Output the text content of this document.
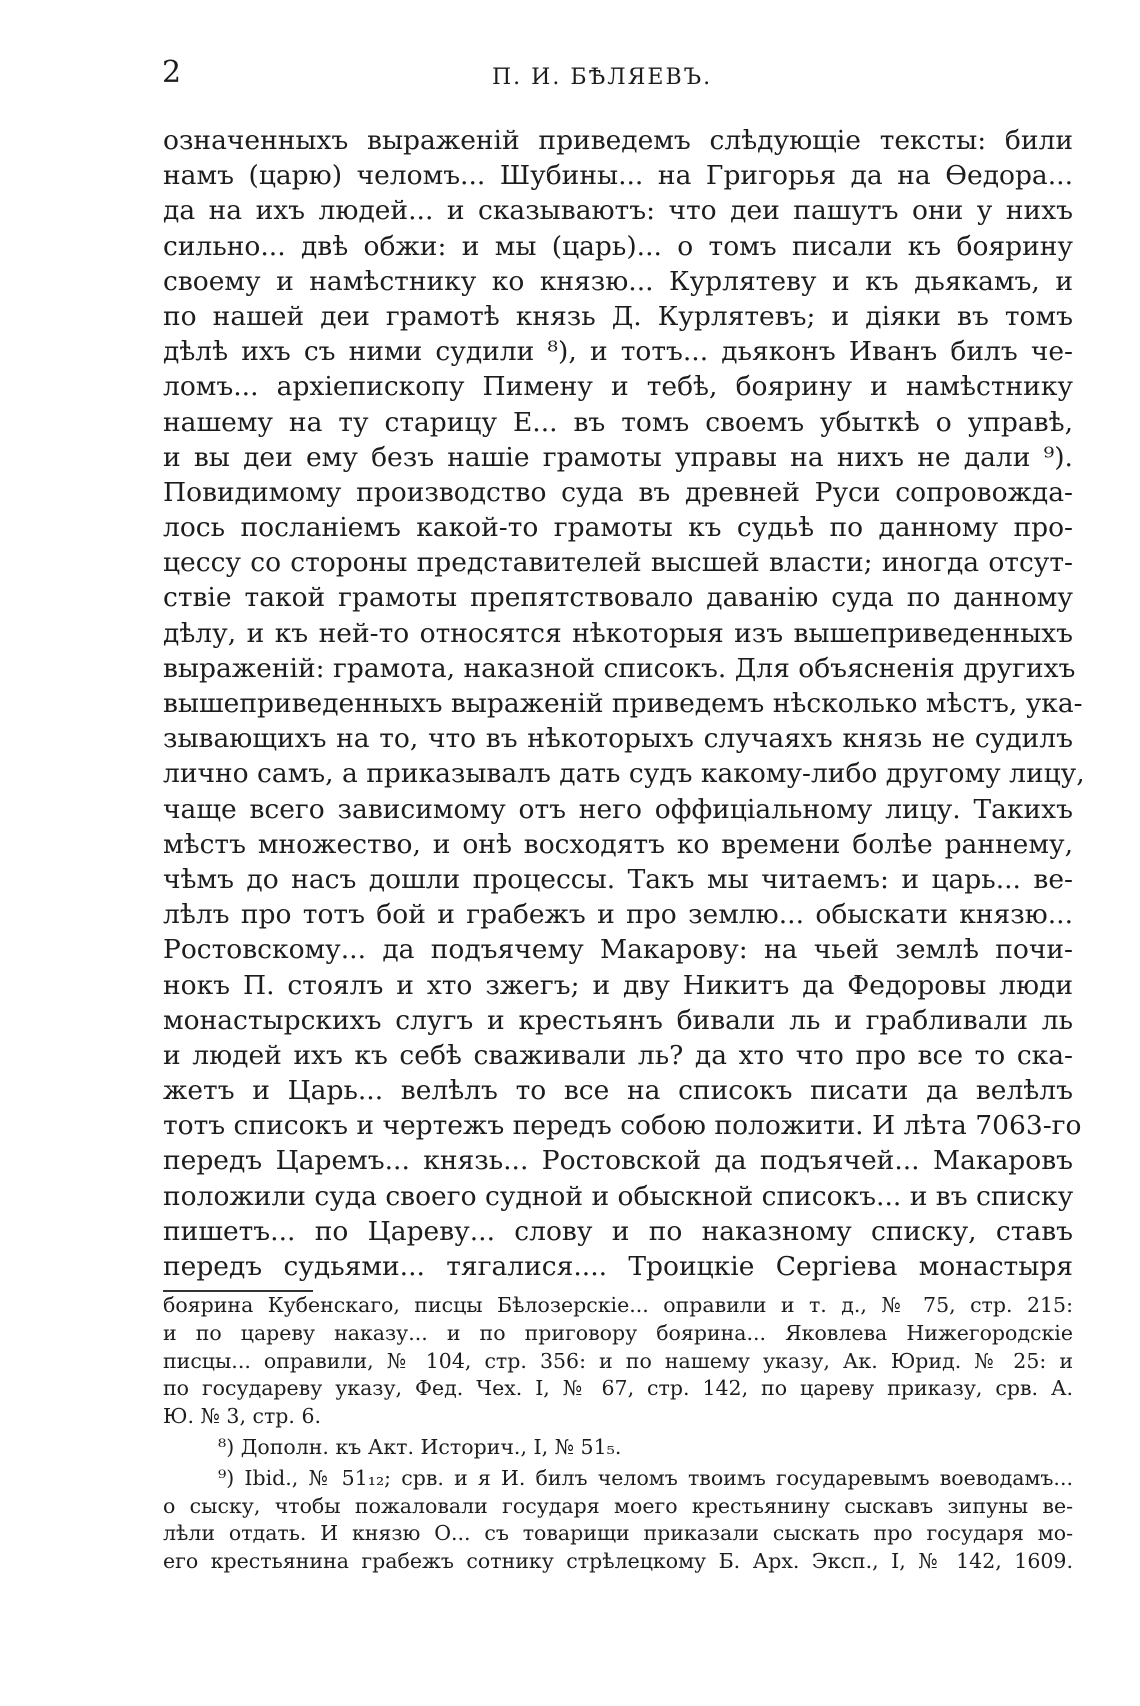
2	П. И. БѢЛЯЕВЪ.
означенныхъ выраженій приведемъ слѣдующіе тексты: били
намъ (царю) челомъ... Шубины... на Григорья да на Ѳедора...
да на ихъ людей... и сказываютъ: что деи пашутъ они у нихъ
сильно... двѣ обжи: и мы (царь)... о томъ писали къ боярину
своему и намѣстнику ко князю... Курлятеву и къ дьякамъ, и
по нашей деи грамотѣ князь Д. Курлятевъ; и діяки въ томъ
дѣлѣ ихъ съ ними судили ⁸), и тотъ... дьяконъ Иванъ билъ че-
ломъ... архіепископу Пимену и тебѣ, боярину и намѣстнику
нашему на ту старицу Е... въ томъ своемъ убыткѣ о управѣ,
и вы деи ему безъ нашіе грамоты управы на нихъ не дали ⁹).
Повидимому производство суда въ древней Руси сопровожда-
лось посланіемъ какой-то грамоты къ судьѣ по данному про-
цессу со стороны представителей высшей власти; иногда отсут-
ствіе такой грамоты препятствовало даванію суда по данному
дѣлу, и къ ней-то относятся нѣкоторыя изъ вышеприведенныхъ
выраженій: грамота, наказной списокъ. Для объясненія другихъ
вышеприведенныхъ выраженій приведемъ нѣсколько мѣстъ, ука-
зывающихъ на то, что въ нѣкоторыхъ случаяхъ князь не судилъ
лично самъ, а приказывалъ дать судъ какому-либо другому лицу,
чаще всего зависимому отъ него оффиціальному лицу. Такихъ
мѣстъ множество, и онѣ восходятъ ко времени болѣе раннему,
чѣмъ до насъ дошли процессы. Такъ мы читаемъ: и царь... ве-
лѣлъ про тотъ бой и грабежъ и про землю... обыскати князю...
Ростовскому... да подъячему Макарову: на чьей землѣ почи-
нокъ П. стоялъ и хто зжегъ; и дву Никитъ да Федоровы люди
монастырскихъ слугъ и крестьянъ бивали ль и грабливали ль
и людей ихъ къ себѣ сваживали ль? да хто что про все то ска-
жетъ и Царь... велѣлъ то все на списокъ писати да велѣлъ
тотъ списокъ и чертежъ передъ собою положити. И лѣта 7063-го
передъ Царемъ... князь... Ростовской да подъячей... Макаровъ
положили суда своего судной и обыскной списокъ... и въ списку
пишетъ... по Цареву... слову и по наказному списку, ставъ
передъ судьями... тягалися.... Троицкіе Сергіева монастыря
боярина Кубенскаго, писцы Бѣлозерскіе... оправили и т. д., № 75, стр. 215:
и по цареву наказу... и по приговору боярина... Яковлева Нижегородскіе
писцы... оправили, № 104, стр. 356: и по нашему указу, Ак. Юрид. № 25: и
по государеву указу, Фед. Чех. I, № 67, стр. 142, по цареву приказу, срв. А.
Ю. № 3, стр. 6.
⁸) Дополн. къ Акт. Историч., I, № 51₅.
⁹) Ibid., № 51₁₂; срв. и я И. билъ челомъ твоимъ государевымъ воеводамъ...
о сыску, чтобы пожаловали государя моего крестьянину сыскавъ зипуны ве-
лѣли отдать. И князю О... съ товарищи приказали сыскать про государя мо-
его крестьянина грабежъ сотнику стрѣлецкому Б. Арх. Эксп., I, № 142, 1609.
